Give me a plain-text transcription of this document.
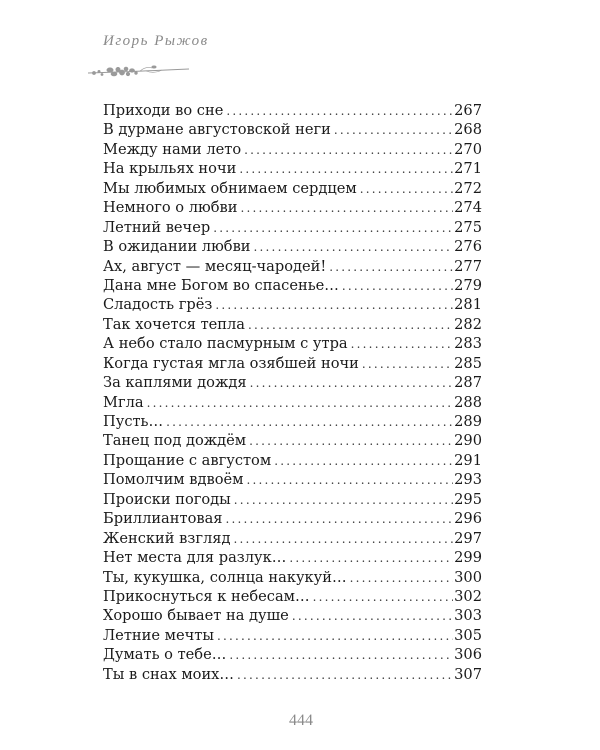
Игорь Рыжов

Приходи во сне .....	267
В дурмане августовской неги .....	268
Между нами лето .....	270
На крыльях ночи .....	271
Мы любимых обнимаем сердцем .....	272
Немного о любви .....	274
Летний вечер .....	275
В ожидании любви .....	276
Ах, август — месяц-чародей! .....	277
Дана мне Богом во спасенье… .....	279
Сладость грёз .....	281
Так хочется тепла .....	282
А небо стало пасмурным с утра .....	283
Когда густая мгла озябшей ночи .....	285
За каплями дождя .....	287
Мгла .....	288
Пусть… .....	289
Танец под дождём .....	290
Прощание с августом .....	291
Помолчим вдвоём .....	293
Происки погоды .....	295
Бриллиантовая .....	296
Женский взгляд .....	297
Нет места для разлук… .....	299
Ты, кукушка, солнца накукуй… .....	300
Прикоснуться к небесам… .....	302
Хорошо бывает на душе .....	303
Летние мечты .....	305
Думать о тебе… .....	306
Ты в снах моих… .....	307

444
